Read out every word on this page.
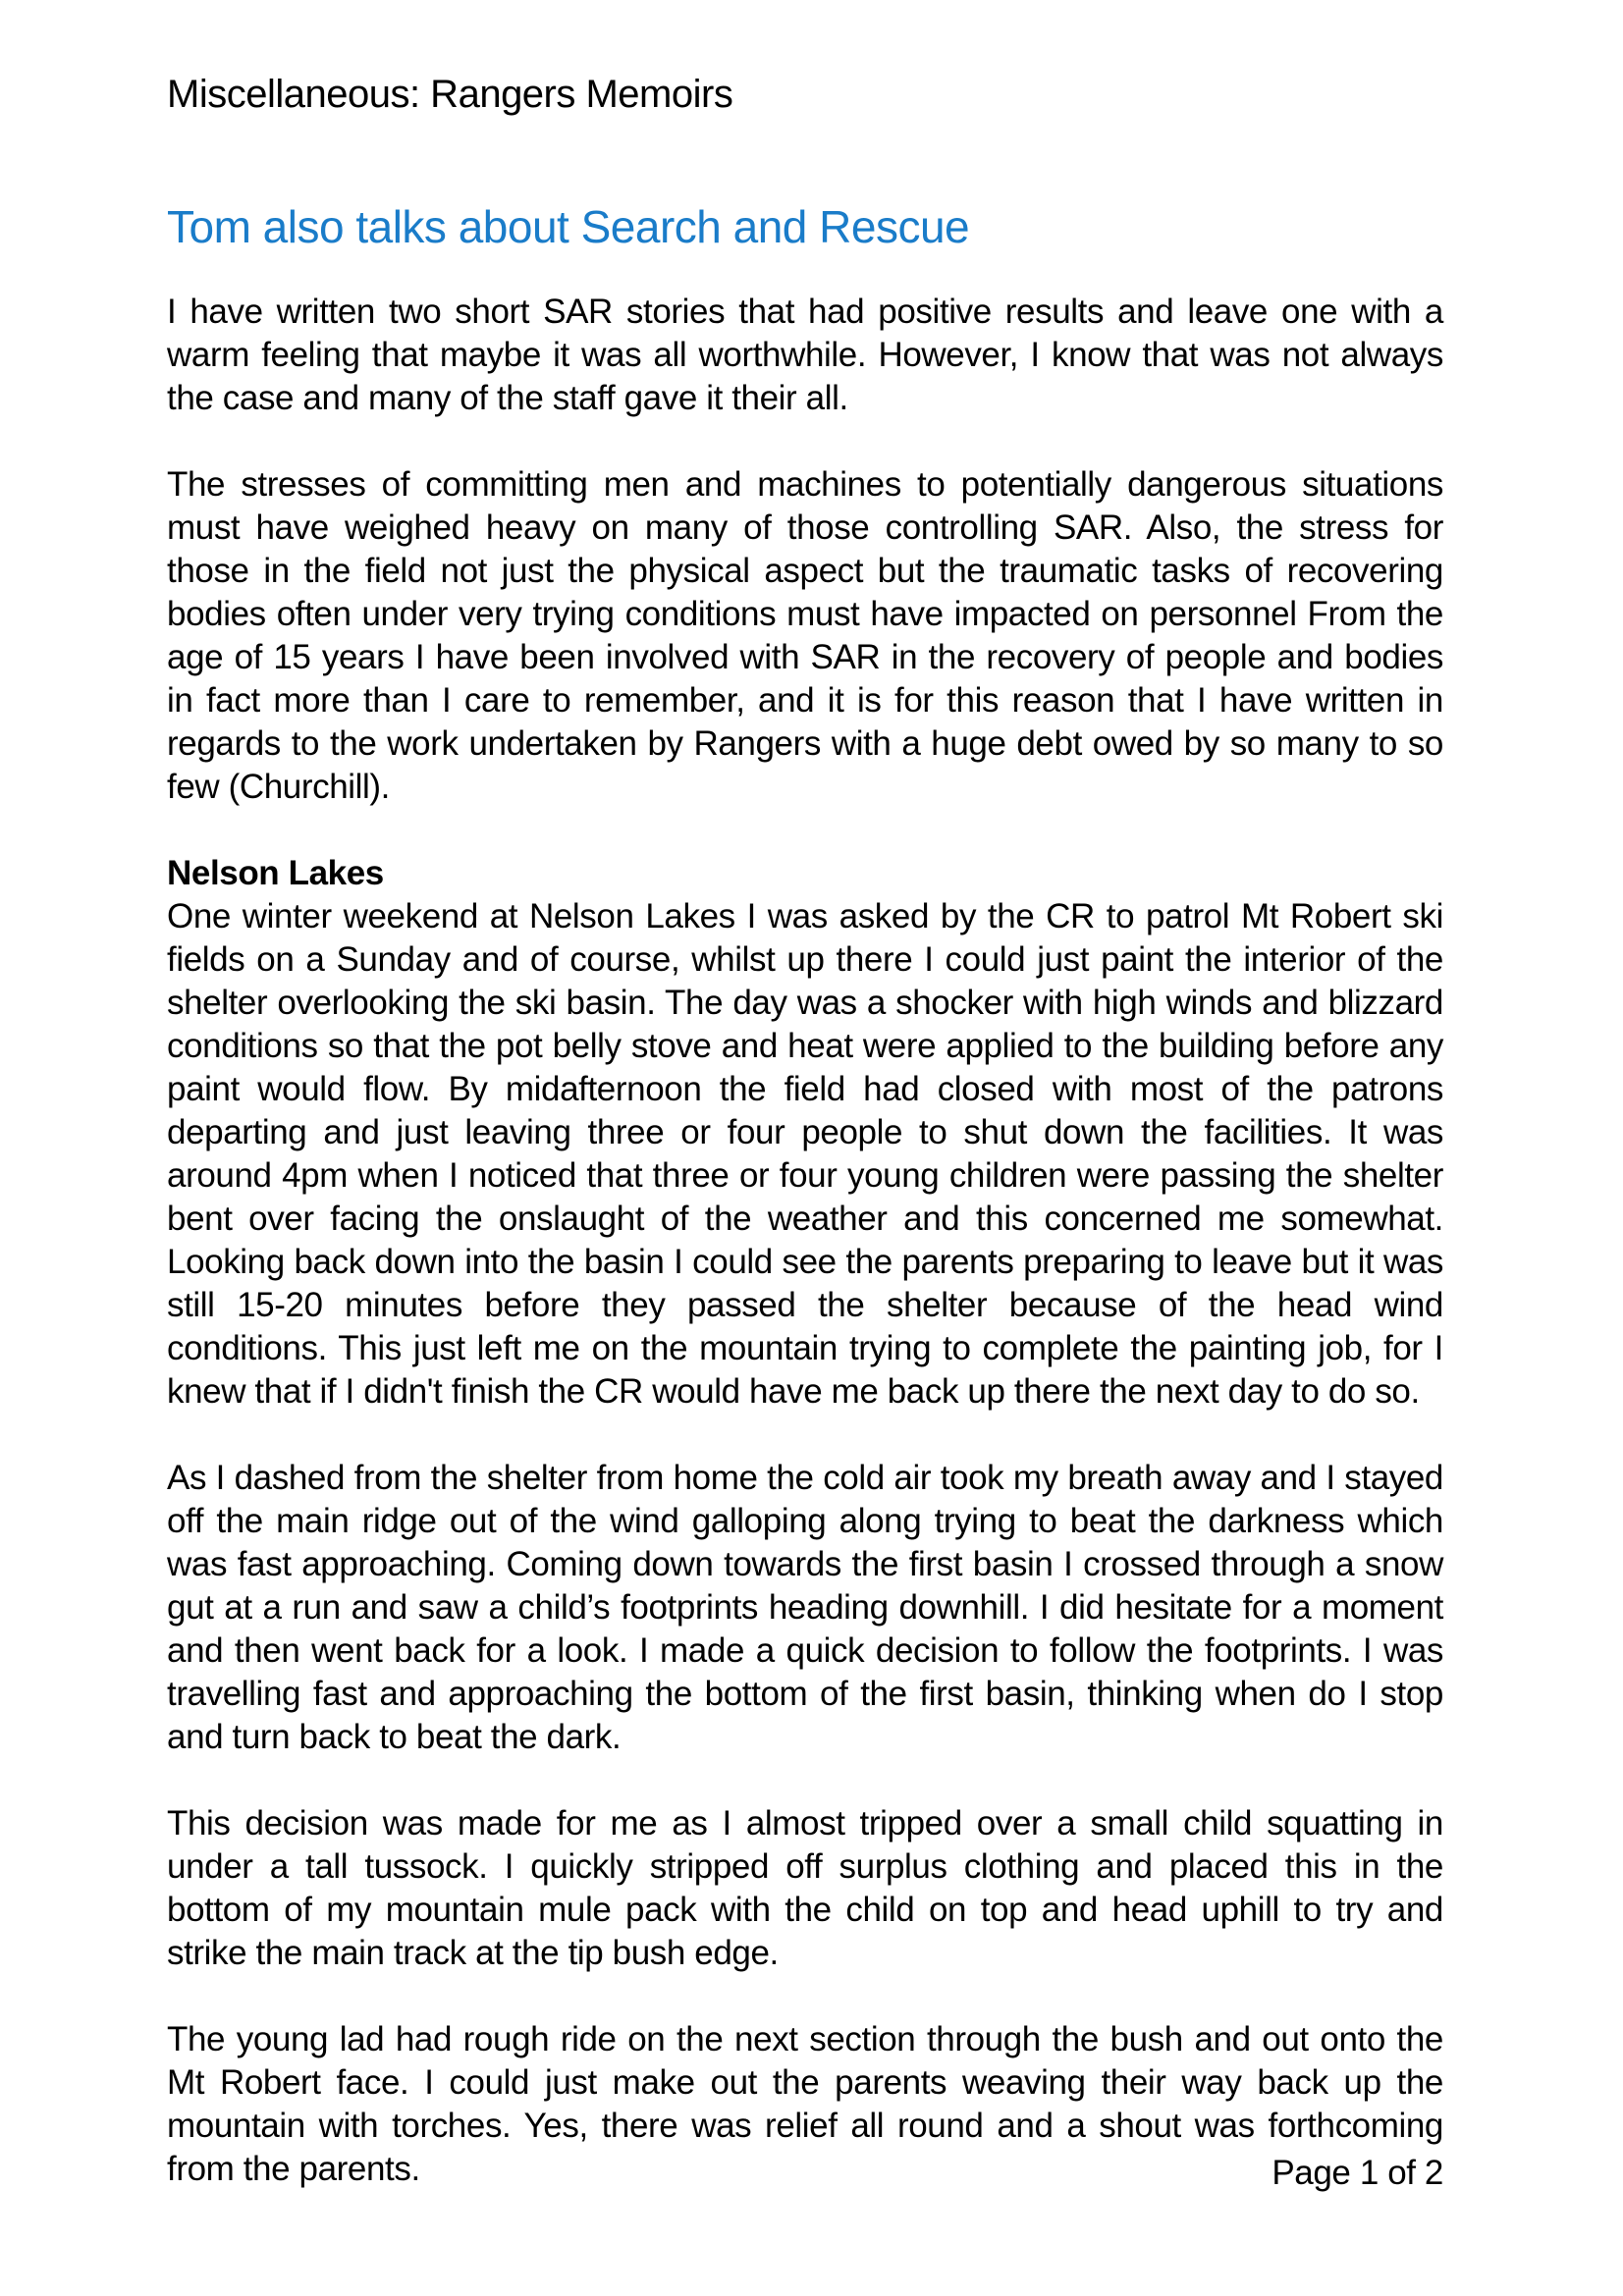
Miscellaneous: Rangers Memoirs
Tom also talks about Search and Rescue

I have written two short SAR stories that had positive results and leave one with a warm feeling that maybe it was all worthwhile. However, I know that was not always the case and many of the staff gave it their all.

The stresses of committing men and machines to potentially dangerous situations must have weighed heavy on many of those controlling SAR. Also, the stress for those in the field not just the physical aspect but the traumatic tasks of recovering bodies often under very trying conditions must have impacted on personnel From the age of 15 years I have been involved with SAR in the recovery of people and bodies in fact more than I care to remember, and it is for this reason that I have written in regards to the work undertaken by Rangers with a huge debt owed by so many to so few (Churchill).

Nelson Lakes

One winter weekend at Nelson Lakes I was asked by the CR to patrol Mt Robert ski fields on a Sunday and of course, whilst up there I could just paint the interior of the shelter overlooking the ski basin. The day was a shocker with high winds and blizzard conditions so that the pot belly stove and heat were applied to the building before any paint would flow. By midafternoon the field had closed with most of the patrons departing and just leaving three or four people to shut down the facilities. It was around 4pm when I noticed that three or four young children were passing the shelter bent over facing the onslaught of the weather and this concerned me somewhat. Looking back down into the basin I could see the parents preparing to leave but it was still 15-20 minutes before they passed the shelter because of the head wind conditions. This just left me on the mountain trying to complete the painting job, for I knew that if I didn't finish the CR would have me back up there the next day to do so.

As I dashed from the shelter from home the cold air took my breath away and I stayed off the main ridge out of the wind galloping along trying to beat the darkness which was fast approaching. Coming down towards the first basin I crossed through a snow gut at a run and saw a child’s footprints heading downhill. I did hesitate for a moment and then went back for a look. I made a quick decision to follow the footprints. I was travelling fast and approaching the bottom of the first basin, thinking when do I stop and turn back to beat the dark.

This decision was made for me as I almost tripped over a small child squatting in under a tall tussock. I quickly stripped off surplus clothing and placed this in the bottom of my mountain mule pack with the child on top and head uphill to try and strike the main track at the tip bush edge.

The young lad had rough ride on the next section through the bush and out onto the Mt Robert face. I could just make out the parents weaving their way back up the mountain with torches. Yes, there was relief all round and a shout was forthcoming from the parents.	Page 1 of 2
